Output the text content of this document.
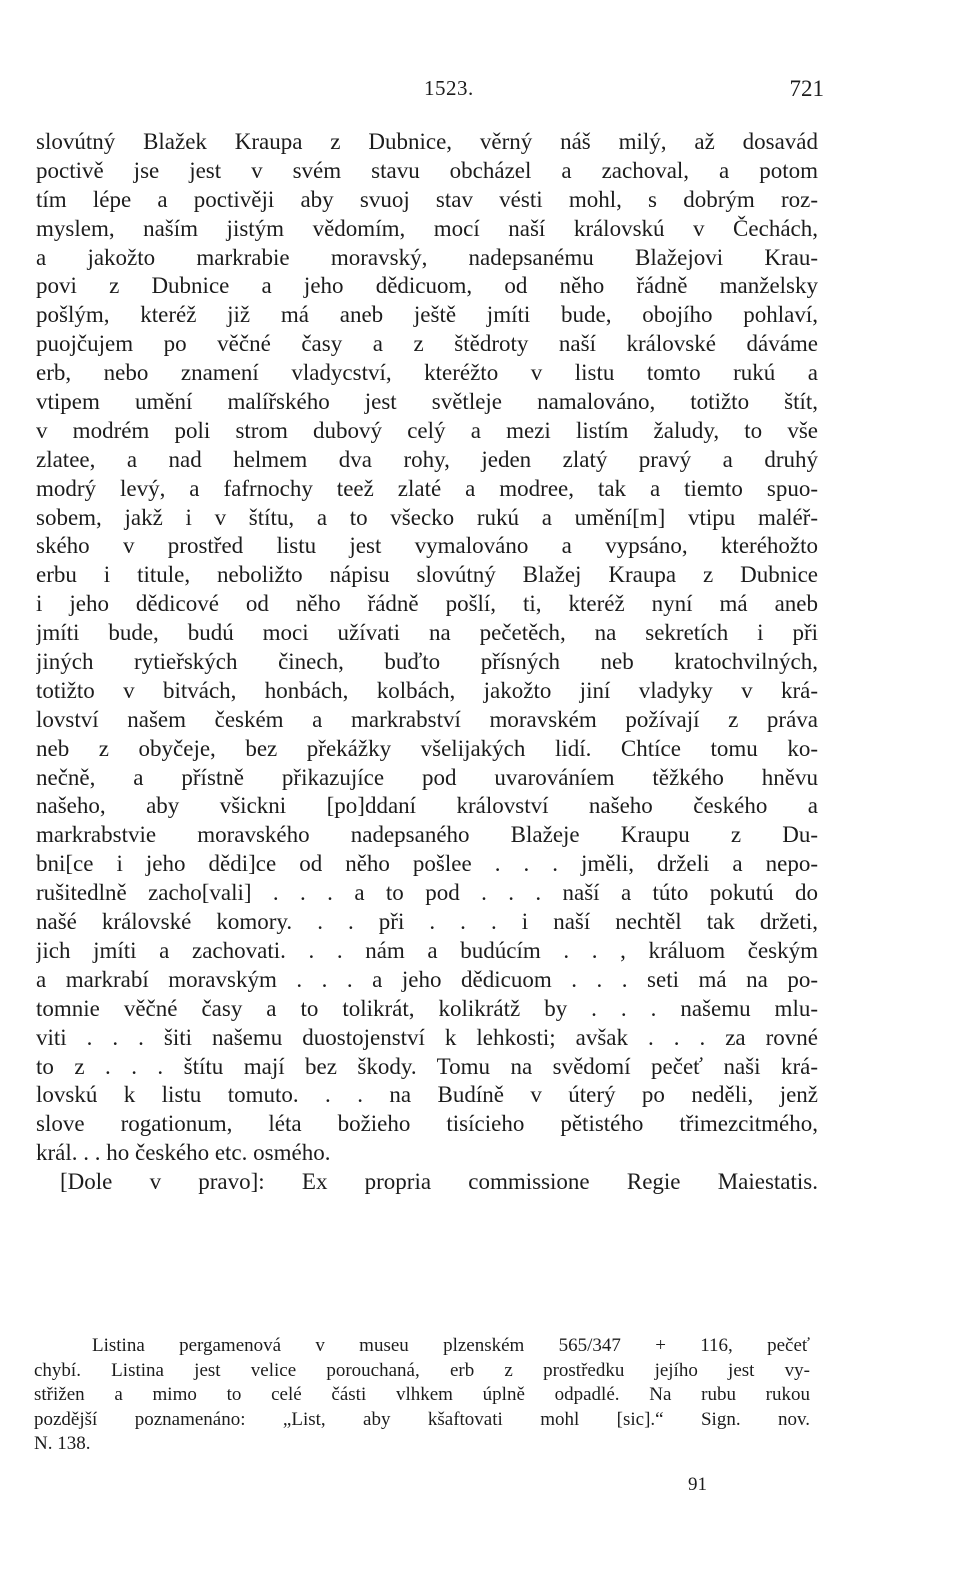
1523.	721
slovútný Blažek Kraupa z Dubnice, věrný náš milý, až dosavád
poctivě jse jest v svém stavu obcházel a zachoval, a potom
tím lépe a poctivěji aby svuoj stav vésti mohl, s dobrým roz-
myslem, naším jistým vědomím, mocí naší královskú v Čechách,
a jakožto markrabie moravský, nadepsanému Blažejovi Krau-
povi z Dubnice a jeho dědicuom, od něho řádně manželsky
pošlým, kteréž již má aneb ještě jmíti bude, obojího pohlaví,
puojčujem po věčné časy a z štědroty naší královské dáváme
erb, nebo znamení vladycství, kteréžto v listu tomto rukú a
vtipem umění malířského jest světleje namalováno, totižto štít,
v modrém poli strom dubový celý a mezi listím žaludy, to vše
zlatee, a nad helmem dva rohy, jeden zlatý pravý a druhý
modrý levý, a fafrnochy teež zlaté a modree, tak a tiemto spuo-
sobem, jakž i v štítu, a to všecko rukú a umění[m] vtipu maléř-
ského v prostřed listu jest vymalováno a vypsáno, kteréhožto
erbu i titule, neboližto nápisu slovútný Blažej Kraupa z Dubnice
i jeho dědicové od něho řádně pošlí, ti, kteréž nyní má aneb
jmíti bude, budú moci užívati na pečetěch, na sekretích i při
jiných rytieřských činech, buďto přísných neb kratochvilných,
totižto v bitvách, honbách, kolbách, jakožto jiní vladyky v krá-
lovství našem českém a markrabství moravském požívají z práva
neb z obyčeje, bez překážky všelijakých lidí. Chtíce tomu ko-
nečně, a přístně přikazujíce pod uvarováníem těžkého hněvu
našeho, aby všickni [po]ddaní království našeho českého a
markrabstvie moravského nadepsaného Blažeje Kraupu z Du-
bni[ce i jeho dědi]ce od něho pošlee . . . jměli, drželi a nepo-
rušitedlně zacho[vali] . . . a to pod . . . naší a túto pokutú do
našé královské komory. . . při . . . i naší nechtěl tak držeti,
jich jmíti a zachovati. . . nám a budúcím . . , králuom českým
a markrabí moravským . . . a jeho dědicuom . . . seti má na po-
tomnie věčné časy a to tolikrát, kolikrátž by . . . našemu mlu-
viti . . . šiti našemu duostojenství k lehkosti; avšak . . . za rovné
to z . . . štítu mají bez škody. Tomu na svědomí pečeť naši krá-
lovskú k listu tomuto. . . na Budíně v úterý po neděli, jenž
slove rogationum, léta božieho tisícieho pětistého třimezcitmého,
král. . . ho českého etc. osmého.
[Dole v pravo]: Ex propria commissione Regie Maiestatis.
Listina pergamenová v museu plzenském 565/347 + 116, pečeť
chybí. Listina jest velice porouchaná, erb z prostředku jejího jest vy-
střižen a mimo to celé části vlhkem úplně odpadlé. Na rubu rukou
pozdější poznamenáno: „List, aby kšaftovati mohl [sic].“ Sign. nov.
N. 138.
91
